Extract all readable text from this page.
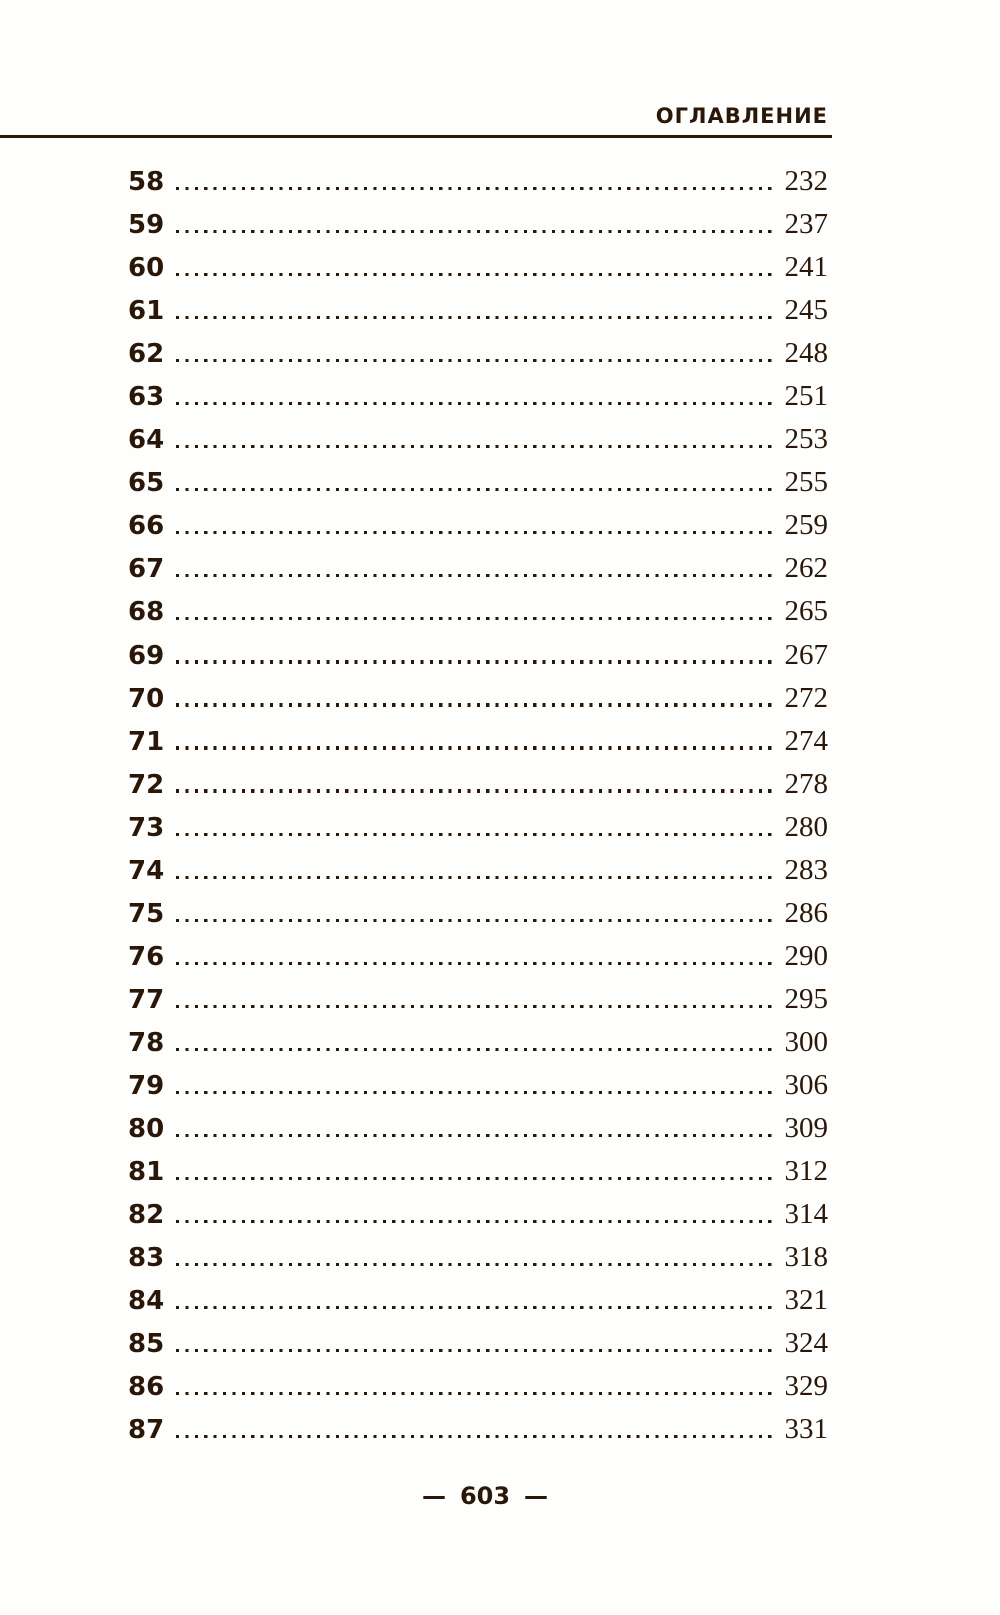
ОГЛАВЛЕНИЕ
58	232
59	237
60	241
61	245
62	248
63	251
64	253
65	255
66	259
67	262
68	265
69	267
70	272
71	274
72	278
73	280
74	283
75	286
76	290
77	295
78	300
79	306
80	309
81	312
82	314
83	318
84	321
85	324
86	329
87	331
— 603 —
